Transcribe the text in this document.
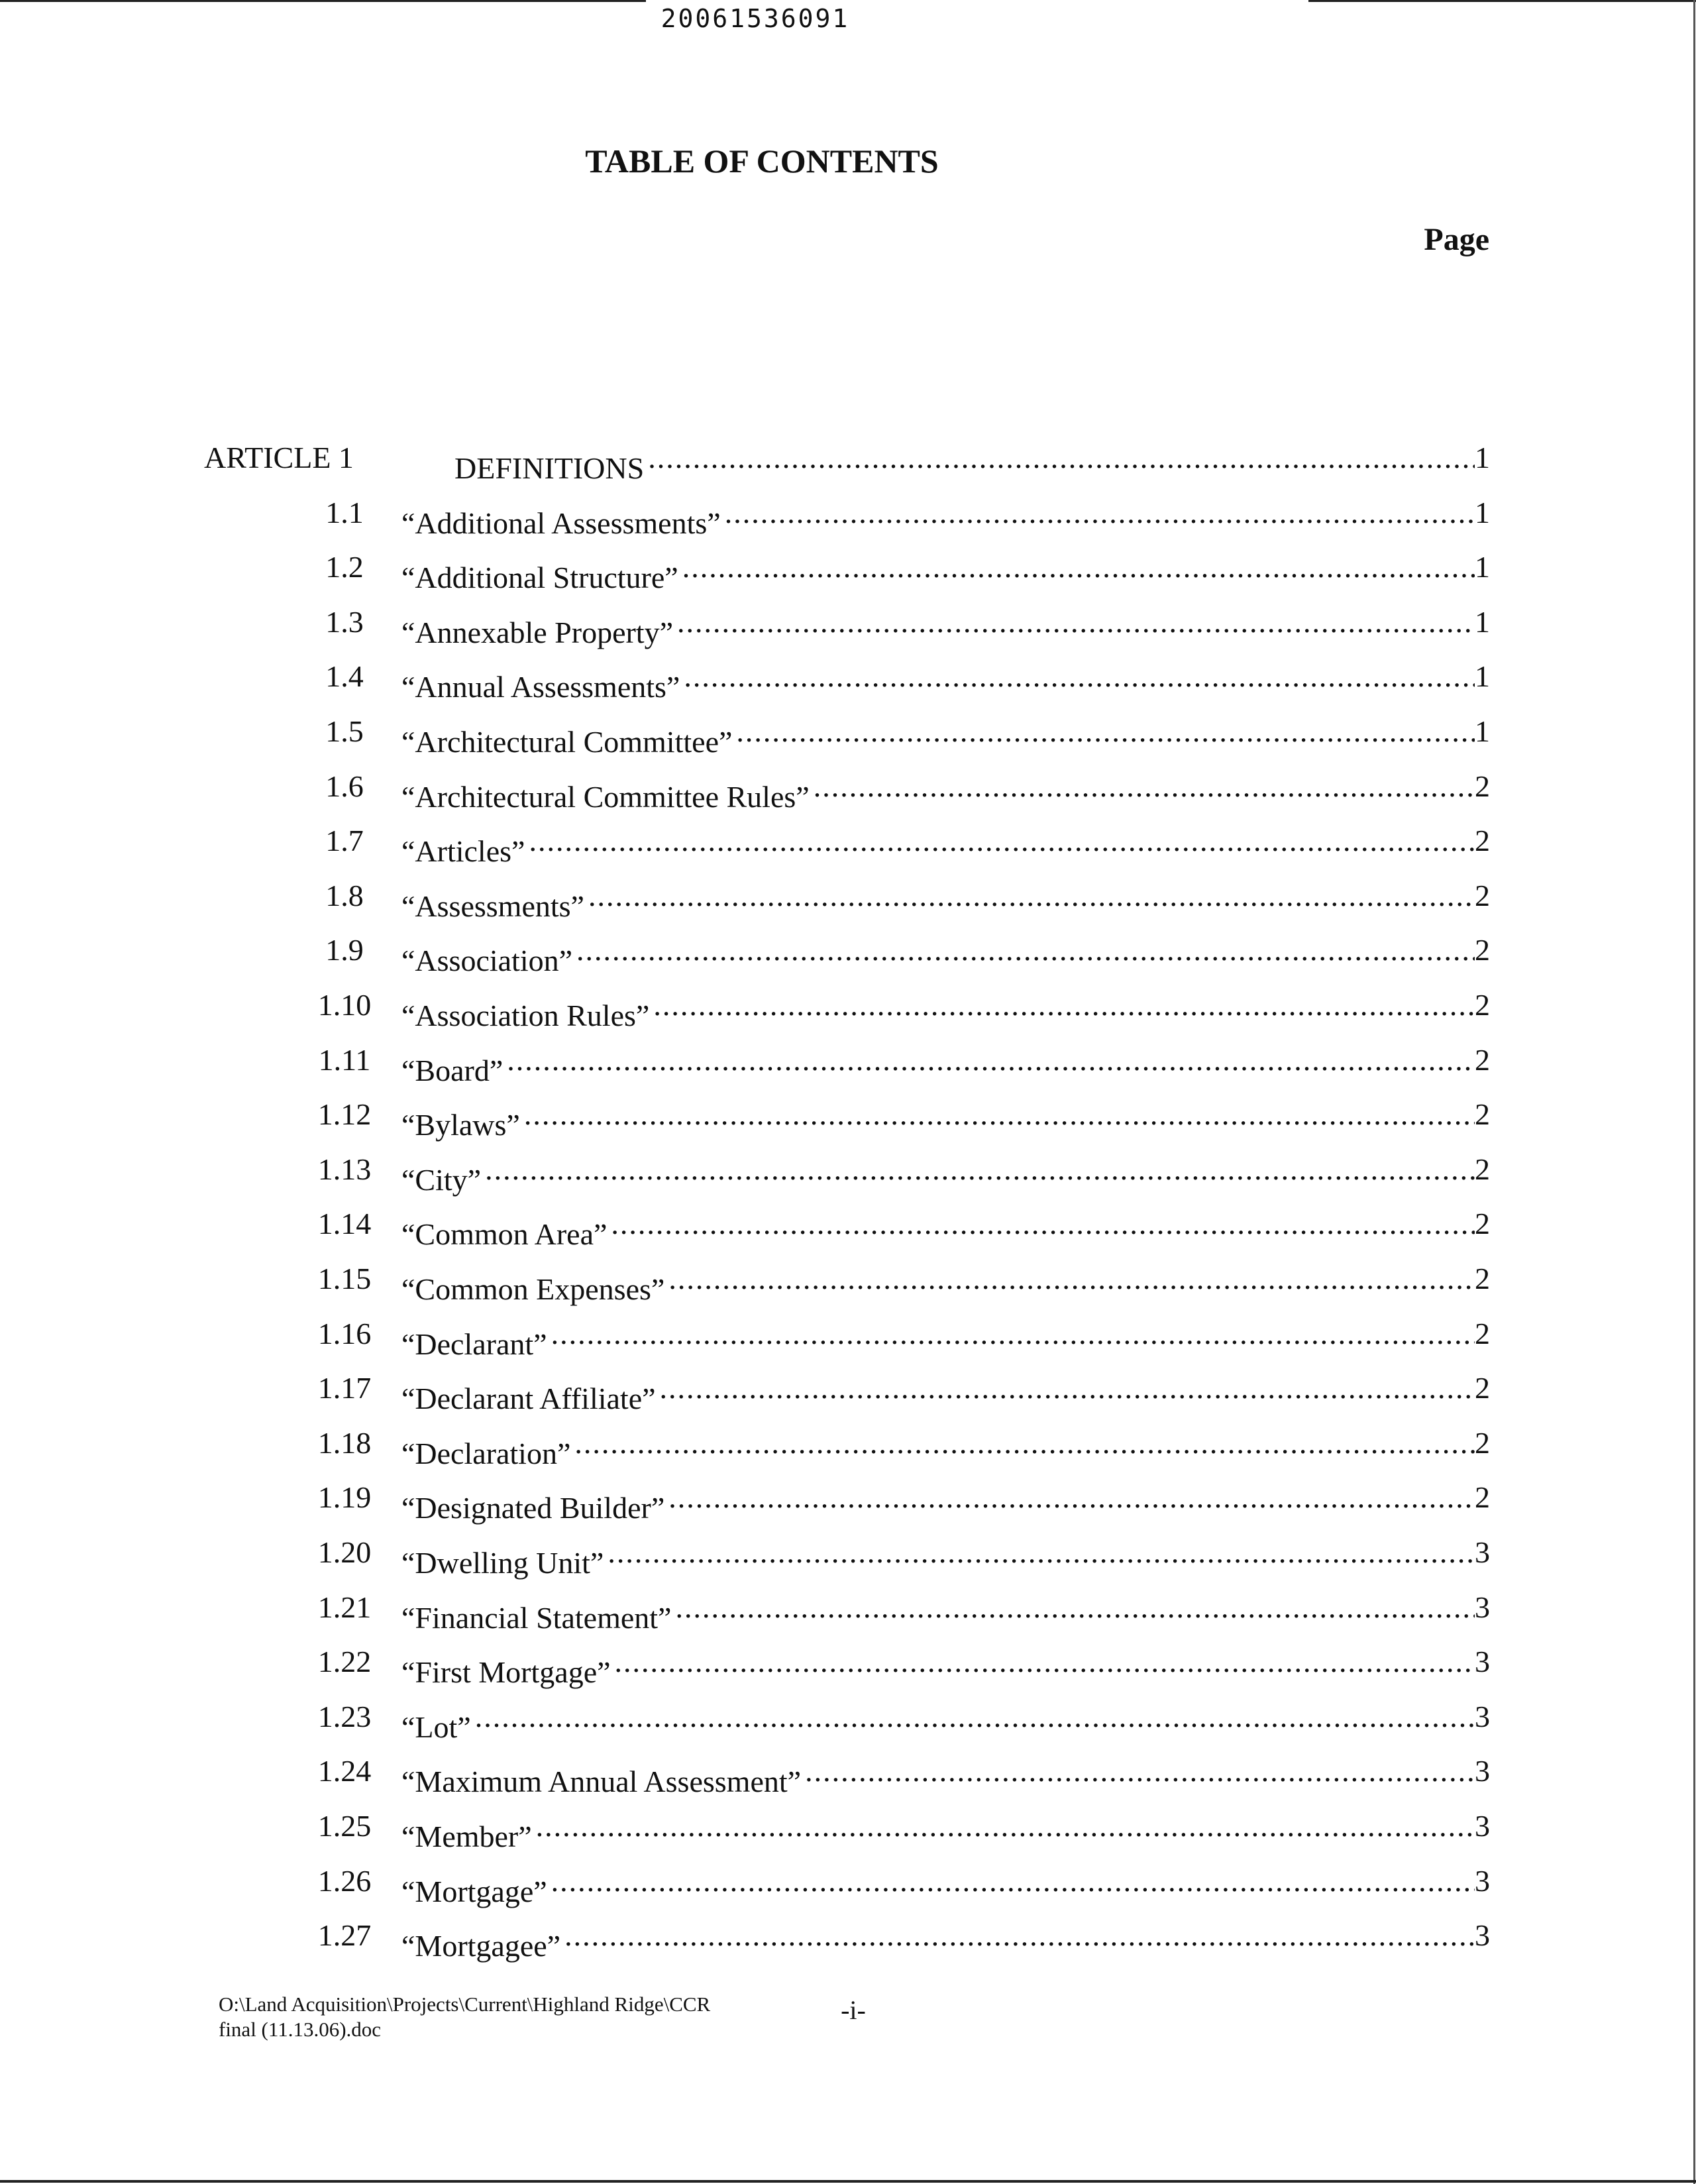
20061536091
TABLE OF CONTENTS
Page
ARTICLE 1	DEFINITIONS .....	1
1.1	“Additional Assessments” .....	1
1.2	“Additional Structure” .....	1
1.3	“Annexable Property” .....	1
1.4	“Annual Assessments” .....	1
1.5	“Architectural Committee” .....	1
1.6	“Architectural Committee Rules” .....	2
1.7	“Articles” .....	2
1.8	“Assessments” .....	2
1.9	“Association” .....	2
1.10 “Association Rules” .....	2
1.11	“Board” .....	2
1.12 “Bylaws” .....	2
1.13 “City” .....	2
1.14 “Common Area” .....	2
1.15 “Common Expenses” .....	2
1.16 “Declarant” .....	2
1.17 “Declarant Affiliate” .....	2
1.18 “Declaration” .....	2
1.19 “Designated Builder” .....	2
1.20 “Dwelling Unit” .....	3
1.21 “Financial Statement” .....	3
1.22 “First Mortgage” .....	3
1.23 “Lot” .....	3
1.24 “Maximum Annual Assessment” .....	3
1.25 “Member” .....	3
1.26 “Mortgage” .....	3
1.27 “Mortgagee” .....	3
O:\Land Acquisition\Projects\Current\Highland Ridge\CCR
final (11.13.06).doc
-i-
